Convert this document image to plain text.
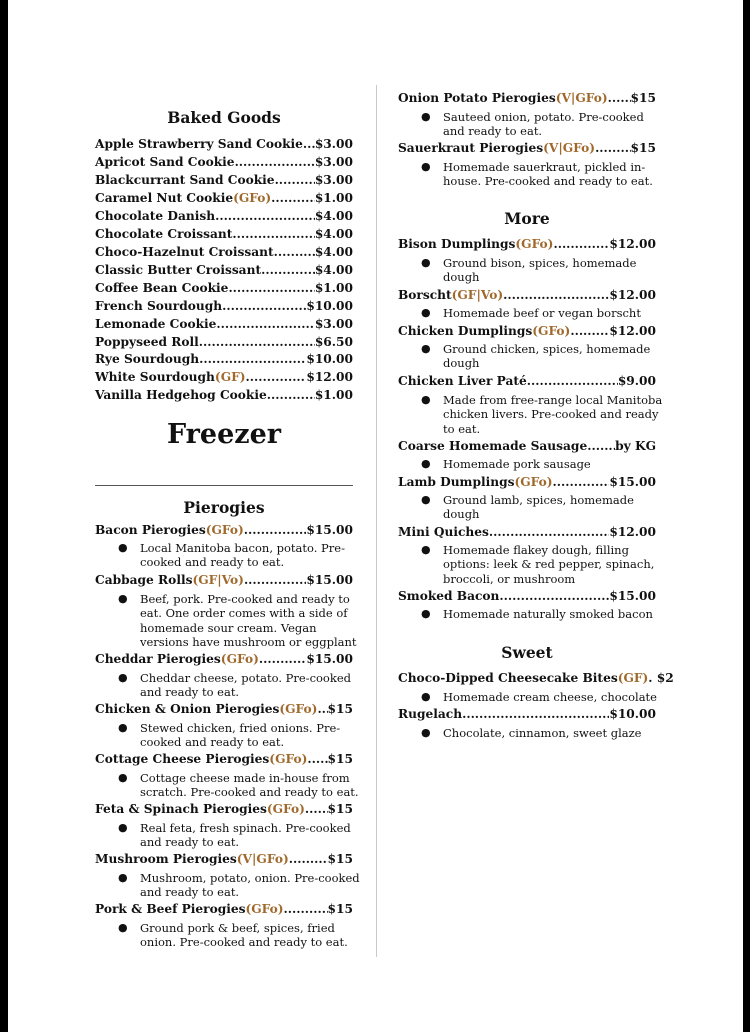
Baked Goods
Apple Strawberry Sand Cookie ..... $3.00
Apricot Sand Cookie .....	$3.00
Blackcurrant Sand Cookie .....	$3.00
Caramel Nut Cookie (GFo) .....	$1.00
Chocolate Danish .....	$4.00
Chocolate Croissant .....	$4.00
Choco-Hazelnut Croissant .....	$4.00
Classic Butter Croissant .....	$4.00
Coffee Bean Cookie .....	$1.00
French Sourdough .....	$10.00
Lemonade Cookie .....	$3.00
Poppyseed Roll .....	$6.50
Rye Sourdough .....	$10.00
White Sourdough (GF) .....	$12.00
Vanilla Hedgehog Cookie .....	$1.00
Freezer
Pierogies
Bacon Pierogies (GFo) .....	$15.00
● Local Manitoba bacon, potato. Pre-cooked and ready to eat.
Cabbage Rolls (GF|Vo) .....	$15.00
● Beef, pork. Pre-cooked and ready to eat. One order comes with a side of homemade sour cream. Vegan versions have mushroom or eggplant
Cheddar Pierogies (GFo) .....	$15.00
● Cheddar cheese, potato. Pre-cooked and ready to eat.
Chicken & Onion Pierogies (GFo) ..... $15
● Stewed chicken, fried onions. Pre-cooked and ready to eat.
Cottage Cheese Pierogies (GFo) ..... $15
● Cottage cheese made in-house from scratch. Pre-cooked and ready to eat.
Feta & Spinach Pierogies (GFo) ..... $15
● Real feta, fresh spinach. Pre-cooked and ready to eat.
Mushroom Pierogies (V|GFo) .....	$15
● Mushroom, potato, onion. Pre-cooked and ready to eat.
Pork & Beef Pierogies (GFo) .....	$15
● Ground pork & beef, spices, fried onion. Pre-cooked and ready to eat.
Onion Potato Pierogies (V|GFo) ..... $15
● Sauteed onion, potato. Pre-cooked and ready to eat.
Sauerkraut Pierogies (V|GFo) .....	$15
● Homemade sauerkraut, pickled in-house. Pre-cooked and ready to eat.
More
Bison Dumplings (GFo) .....	$12.00
● Ground bison, spices, homemade dough
Borscht (GF|Vo) .....	$12.00
● Homemade beef or vegan borscht
Chicken Dumplings (GFo) .....	$12.00
● Ground chicken, spices, homemade dough
Chicken Liver Paté .....	$9.00
● Made from free-range local Manitoba chicken livers. Pre-cooked and ready to eat.
Coarse Homemade Sausage ..... by KG
● Homemade pork sausage
Lamb Dumplings (GFo) .....	$15.00
● Ground lamb, spices, homemade dough
Mini Quiches .....	$12.00
● Homemade flakey dough, filling options: leek & red pepper, spinach, broccoli, or mushroom
Smoked Bacon .....	$15.00
● Homemade naturally smoked bacon
Sweet
Choco-Dipped Cheesecake Bites (GF) . $2
● Homemade cream cheese, chocolate
Rugelach .....	$10.00
● Chocolate, cinnamon, sweet glaze
